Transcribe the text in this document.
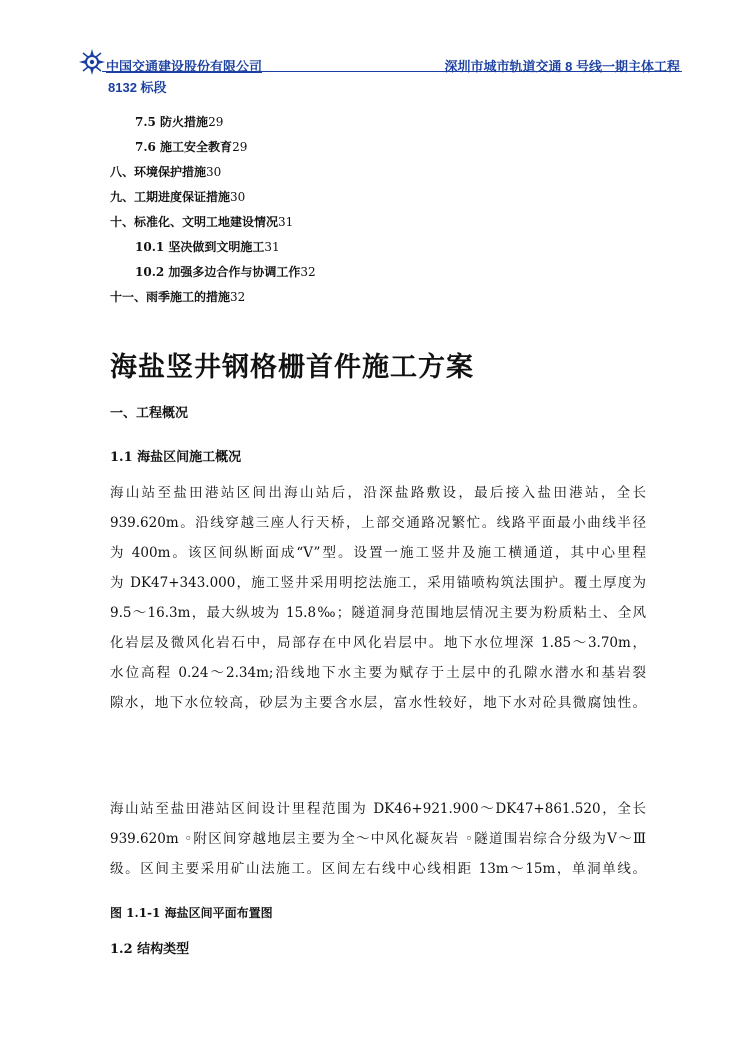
中国交通建设股份有限公司	深圳市城市轨道交通 8 号线一期主体工程
8132 标段
7.5 防火措施29
7.6 施工安全教育29
八、环境保护措施30
九、工期进度保证措施30
十、标准化、文明工地建设情况31
10.1 坚决做到文明施工31
10.2 加强多边合作与协调工作32
十一、雨季施工的措施32
海盐竖井钢格栅首件施工方案
一、工程概况
1.1 海盐区间施工概况
海山站至盐田港站区间出海山站后，沿深盐路敷设，最后接入盐田港站，全长
939.620m。沿线穿越三座人行天桥，上部交通路况繁忙。线路平面最小曲线半径
为 400m。该区间纵断面成“V”型。设置一施工竖井及施工横通道，其中心里程
为 DK47+343.000，施工竖井采用明挖法施工，采用锚喷构筑法围护。覆土厚度为
9.5～16.3m，最大纵坡为 15.8‰；隧道洞身范围地层情况主要为粉质粘土、全风
化岩层及微风化岩石中，局部存在中风化岩层中。地下水位埋深 1.85～3.70m，
水位高程 0.24～2.34m;沿线地下水主要为赋存于土层中的孔隙水潜水和基岩裂
隙水，地下水位较高，砂层为主要含水层，富水性较好，地下水对砼具微腐蚀性。
海山站至盐田港站区间设计里程范围为 DK46+921.900～DK47+861.520，全长
939.620m ◦附区间穿越地层主要为全～中风化凝灰岩 ◦隧道围岩综合分级为Ⅴ～Ⅲ
级。区间主要采用矿山法施工。区间左右线中心线相距 13m～15m，单洞单线。
图 1.1-1 海盐区间平面布置图
1.2 结构类型
